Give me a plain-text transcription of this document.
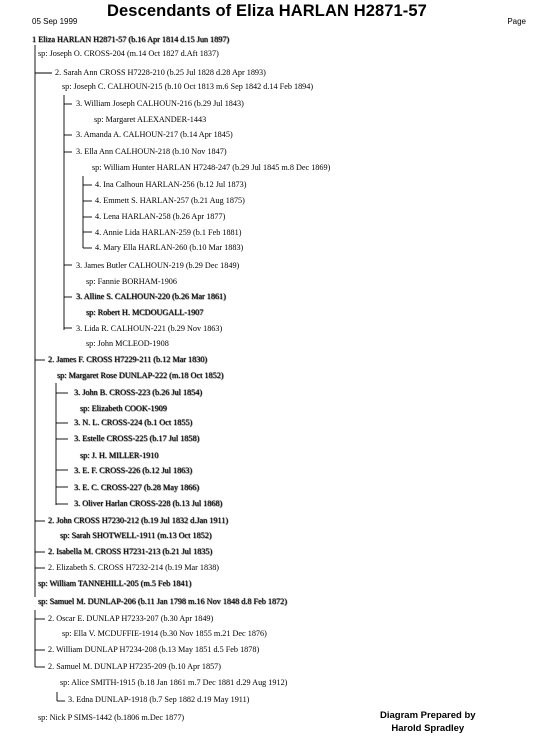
Descendants of Eliza HARLAN H2871-57
05 Sep 1999	Page
1 Eliza HARLAN H2871-57 (b.16 Apr 1814 d.15 Jun 1897)
sp: Joseph O. CROSS-204 (m.14 Oct 1827 d.Aft 1837)
2. Sarah Ann CROSS H7228-210 (b.25 Jul 1828 d.28 Apr 1893)
sp: Joseph C. CALHOUN-215 (b.10 Oct 1813 m.6 Sep 1842 d.14 Feb 1894)
3. William Joseph CALHOUN-216 (b.29 Jul 1843)
sp: Margaret ALEXANDER-1443
3. Amanda A. CALHOUN-217 (b.14 Apr 1845)
3. Ella Ann CALHOUN-218 (b.10 Nov 1847)
sp: William Hunter HARLAN H7248-247 (b.29 Jul 1845 m.8 Dec 1869)
4. Ina Calhoun HARLAN-256 (b.12 Jul 1873)
4. Emmett S. HARLAN-257 (b.21 Aug 1875)
4. Lena HARLAN-258 (b.26 Apr 1877)
4. Annie Lida HARLAN-259 (b.1 Feb 1881)
4. Mary Ella HARLAN-260 (b.10 Mar 1883)
3. James Butler CALHOUN-219 (b.29 Dec 1849)
sp: Fannie BORHAM-1906
3. Alline S. CALHOUN-220 (b.26 Mar 1861)
sp: Robert H. MCDOUGALL-1907
3. Lida R. CALHOUN-221 (b.29 Nov 1863)
sp: John MCLEOD-1908
2. James F. CROSS H7229-211 (b.12 Mar 1830)
sp: Margaret Rose DUNLAP-222 (m.18 Oct 1852)
3. John B. CROSS-223 (b.26 Jul 1854)
sp: Elizabeth COOK-1909
3. N. L. CROSS-224 (b.1 Oct 1855)
3. Estelle CROSS-225 (b.17 Jul 1858)
sp: J. H. MILLER-1910
3. E. F. CROSS-226 (b.12 Jul 1863)
3. E. C. CROSS-227 (b.28 May 1866)
3. Oliver Harlan CROSS-228 (b.13 Jul 1868)
2. John CROSS H7230-212 (b.19 Jul 1832 d.Jan 1911)
sp: Sarah SHOTWELL-1911 (m.13 Oct 1852)
2. Isabella M. CROSS H7231-213 (b.21 Jul 1835)
2. Elizabeth S. CROSS H7232-214 (b.19 Mar 1838)
sp: William TANNEHILL-205 (m.5 Feb 1841)
sp: Samuel M. DUNLAP-206 (b.11 Jan 1798 m.16 Nov 1848 d.8 Feb 1872)
2. Oscar E. DUNLAP H7233-207 (b.30 Apr 1849)
sp: Ella V. MCDUFFIE-1914 (b.30 Nov 1855 m.21 Dec 1876)
2. William DUNLAP H7234-208 (b.13 May 1851 d.5 Feb 1878)
2. Samuel M. DUNLAP H7235-209 (b.10 Apr 1857)
sp: Alice SMITH-1915 (b.18 Jan 1861 m.7 Dec 1881 d.29 Aug 1912)
3. Edna DUNLAP-1918 (b.7 Sep 1882 d.19 May 1911)
sp: Nick P SIMS-1442 (b.1806 m.Dec 1877)	Diagram Prepared by
Harold Spradley
